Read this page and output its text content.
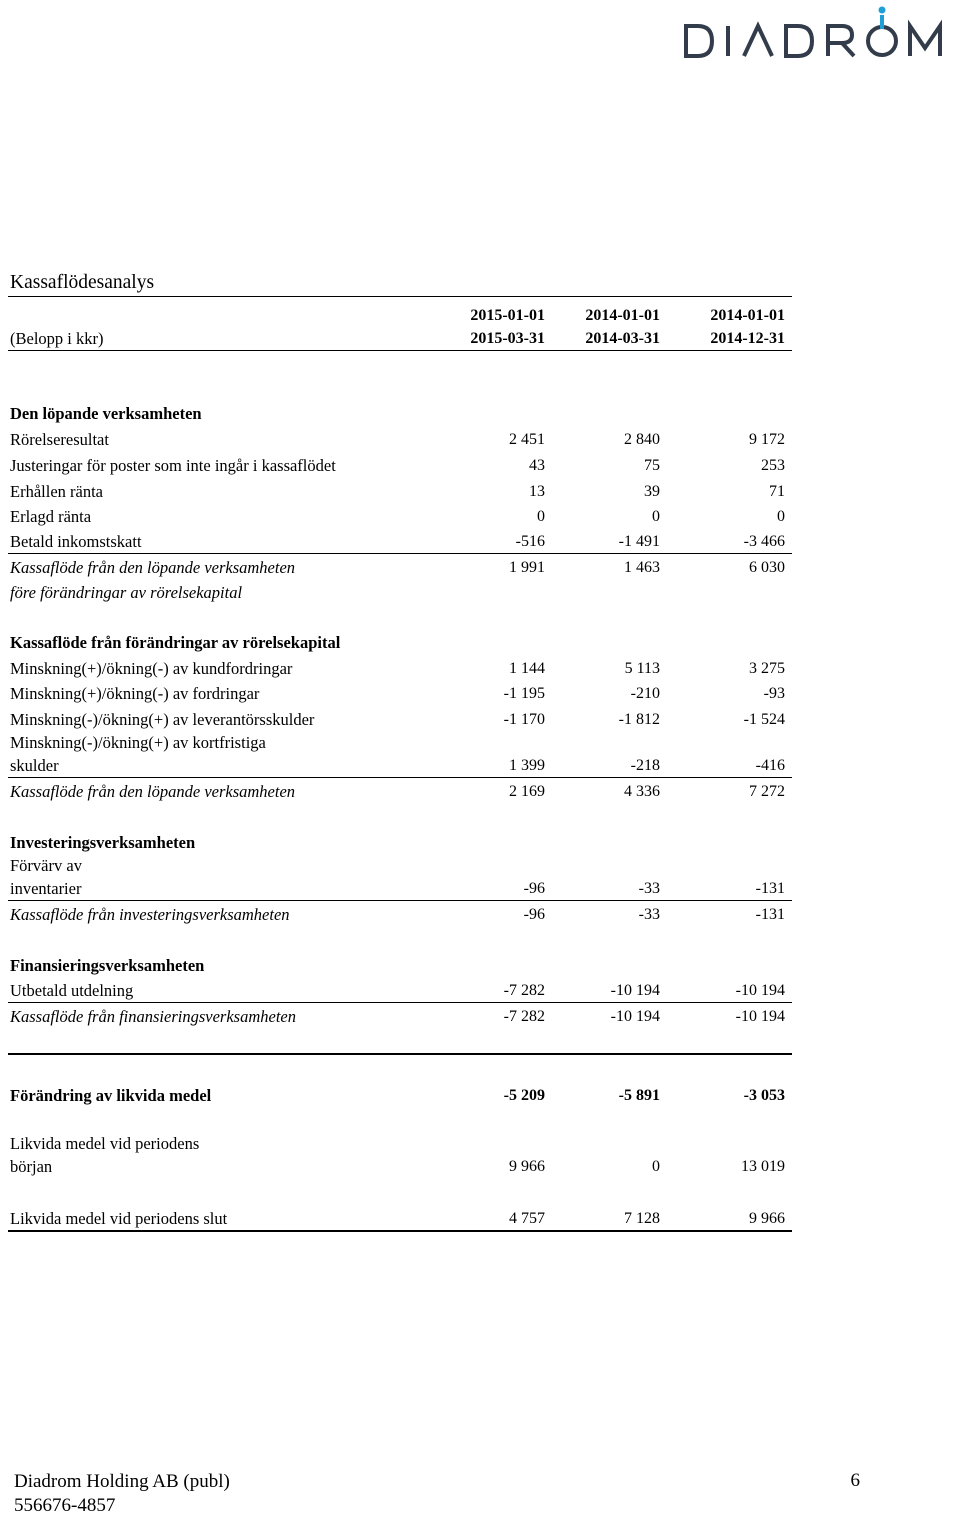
Kassaflödesanalys
2015-01-01	2014-01-01	2014-01-01
(Belopp i kkr)	2015-03-31	2014-03-31	2014-12-31
Den löpande verksamheten
Rörelseresultat	2 451	2 840	9 172
Justeringar för poster som inte ingår i kassaflödet	43	75	253
Erhållen ränta	13	39	71
Erlagd ränta	0	0	0
Betald inkomstskatt	-516	-1 491	-3 466
Kassaflöde från den löpande verksamheten	1 991	1 463	6 030
före förändringar av rörelsekapital
Kassaflöde från förändringar av rörelsekapital
Minskning(+)/ökning(-) av kundfordringar	1 144	5 113	3 275
Minskning(+)/ökning(-) av fordringar	-1 195	-210	-93
Minskning(-)/ökning(+) av leverantörsskulder	-1 170	-1 812	-1 524
Minskning(-)/ökning(+) av kortfristiga
skulder	1 399	-218	-416
Kassaflöde från den löpande verksamheten	2 169	4 336	7 272
Investeringsverksamheten
Förvärv av
inventarier	-96	-33	-131
Kassaflöde från investeringsverksamheten	-96	-33	-131
Finansieringsverksamheten
Utbetald utdelning	-7 282	-10 194	-10 194
Kassaflöde från finansieringsverksamheten	-7 282	-10 194	-10 194
Förändring av likvida medel	-5 209	-5 891	-3 053
Likvida medel vid periodens
början	9 966	0	13 019
Likvida medel vid periodens slut	4 757	7 128	9 966
Diadrom Holding AB (publ)
556676-4857
6
